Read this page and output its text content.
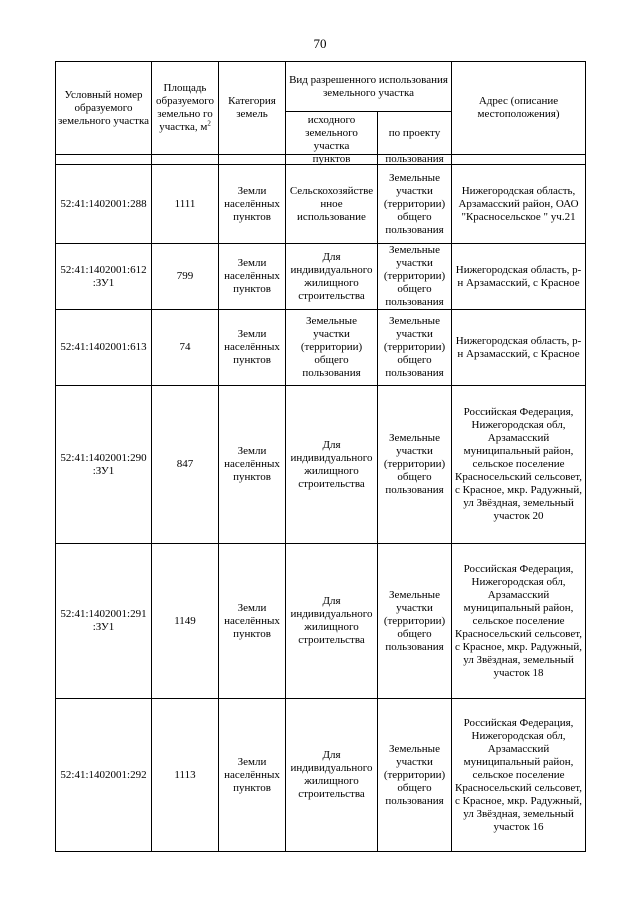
70
Условный номер образуемого земельного участка	Площадь образуемого земельно го участка, $м^2$	Категория земель	Вид разрешенного использования земельного участка		Адрес (описание местоположения)
			исходного земельного участка	по проекту	
			пунктов	пользования	
52:41:1402001:288	1111	Земли населённых пунктов	Сельскохозяйстве нное использование	Земельные участки (территории) общего пользования	Нижегородская область, Арзамасский район, ОАО "Красносельское " уч.21
52:41:1402001:612 :ЗУ1	799	Земли населённых пунктов	Для индивидуального жилищного строительства	Земельные участки (территории) общего пользования	Нижегородская область, р-н Арзамасский, с Красное
52:41:1402001:613	74	Земли населённых пунктов	Земельные участки (территории) общего пользования	Земельные участки (территории) общего пользования	Нижегородская область, р-н Арзамасский, с Красное
52:41:1402001:290 :ЗУ1	847	Земли населённых пунктов	Для индивидуального жилищного строительства	Земельные участки (территории) общего пользования	Российская Федерация, Нижегородская обл, Арзамасский муниципальный район, сельское поселение Красносельский сельсовет, с Красное, мкр. Радужный, ул Звёздная, земельный участок 20
52:41:1402001:291 :ЗУ1	1149	Земли населённых пунктов	Для индивидуального жилищного строительства	Земельные участки (территории) общего пользования	Российская Федерация, Нижегородская обл, Арзамасский муниципальный район, сельское поселение Красносельский сельсовет, с Красное, мкр. Радужный, ул Звёздная, земельный участок 18
52:41:1402001:292	1113	Земли населённых пунктов	Для индивидуального жилищного строительства	Земельные участки (территории) общего пользования	Российская Федерация, Нижегородская обл, Арзамасский муниципальный район, сельское поселение Красносельский сельсовет, с Красное, мкр. Радужный, ул Звёздная, земельный участок 16
